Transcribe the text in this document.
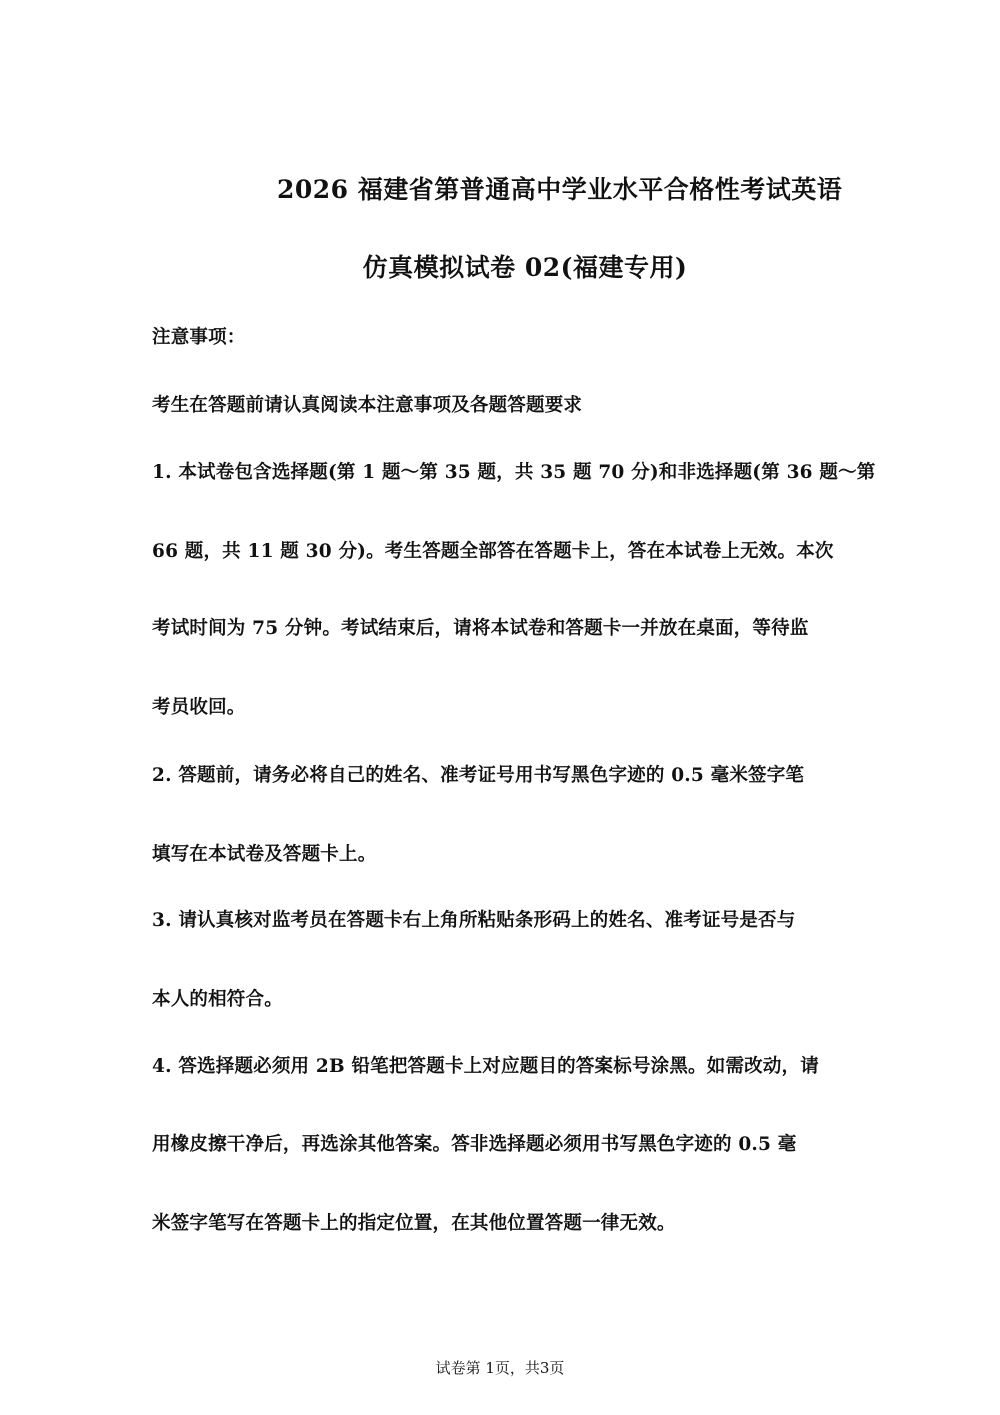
2026 福建省第普通高中学业水平合格性考试英语
仿真模拟试卷 02(福建专用)
注意事项：
考生在答题前请认真阅读本注意事项及各题答题要求
1. 本试卷包含选择题(第 1 题～第 35 题，共 35 题 70 分)和非选择题(第 36 题～第
66 题，共 11 题 30 分)。考生答题全部答在答题卡上，答在本试卷上无效。本次
考试时间为 75 分钟。考试结束后，请将本试卷和答题卡一并放在桌面，等待监
考员收回。
2. 答题前，请务必将自己的姓名、准考证号用书写黑色字迹的 0.5 毫米签字笔
填写在本试卷及答题卡上。
3. 请认真核对监考员在答题卡右上角所粘贴条形码上的姓名、准考证号是否与
本人的相符合。
4. 答选择题必须用 2B 铅笔把答题卡上对应题目的答案标号涂黑。如需改动，请
用橡皮擦干净后，再选涂其他答案。答非选择题必须用书写黑色字迹的 0.5 毫
米签字笔写在答题卡上的指定位置，在其他位置答题一律无效。
试卷第 1页，共3页
